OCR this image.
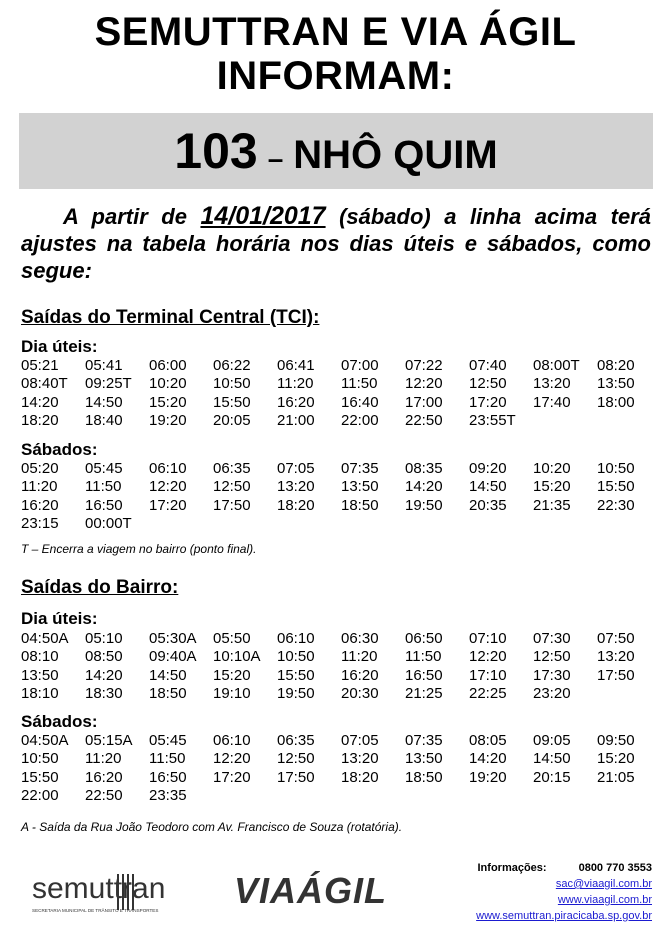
SEMUTTRAN E VIA ÁGIL
INFORMAM:
103 – NHÔ QUIM

A partir de 14/01/2017 (sábado) a linha acima terá ajustes na tabela horária nos dias úteis e sábados, como segue:

Saídas do Terminal Central (TCI):
Dia úteis:
05:21	05:41	06:00	06:22	06:41	07:00	07:22	07:40	08:00T	08:20
08:40T	09:25T	10:20	10:50	11:20	11:50	12:20	12:50	13:20	13:50
14:20	14:50	15:20	15:50	16:20	16:40	17:00	17:20	17:40	18:00
18:20	18:40	19:20	20:05	21:00	22:00	22:50	23:55T
Sábados:
05:20	05:45	06:10	06:35	07:05	07:35	08:35	09:20	10:20	10:50
11:20	11:50	12:20	12:50	13:20	13:50	14:20	14:50	15:20	15:50
16:20	16:50	17:20	17:50	18:20	18:50	19:50	20:35	21:35	22:30
23:15	00:00T
T – Encerra a viagem no bairro (ponto final).
Saídas do Bairro:
Dia úteis:
04:50A	05:10	05:30A	05:50	06:10	06:30	06:50	07:10	07:30	07:50
08:10	08:50	09:40A	10:10A	10:50	11:20	11:50	12:20	12:50	13:20
13:50	14:20	14:50	15:20	15:50	16:20	16:50	17:10	17:30	17:50
18:10	18:30	18:50	19:10	19:50	20:30	21:25	22:25	23:20
Sábados:
04:50A	05:15A	05:45	06:10	06:35	07:05	07:35	08:05	09:05	09:50
10:50	11:20	11:50	12:20	12:50	13:20	13:50	14:20	14:50	15:20
15:50	16:20	16:50	17:20	17:50	18:20	18:50	19:20	20:15	21:05
22:00	22:50	23:35
A - Saída da Rua João Teodoro com Av. Francisco de Souza (rotatória).
semuttran
SECRETARIA MUNICIPAL DE TRÂNSITO E TRANSPORTES VIAÁGIL
Informações:	0800 770 3553
sac@viaagil.com.br
www.viaagil.com.br
www.semuttran.piracicaba.sp.gov.br
